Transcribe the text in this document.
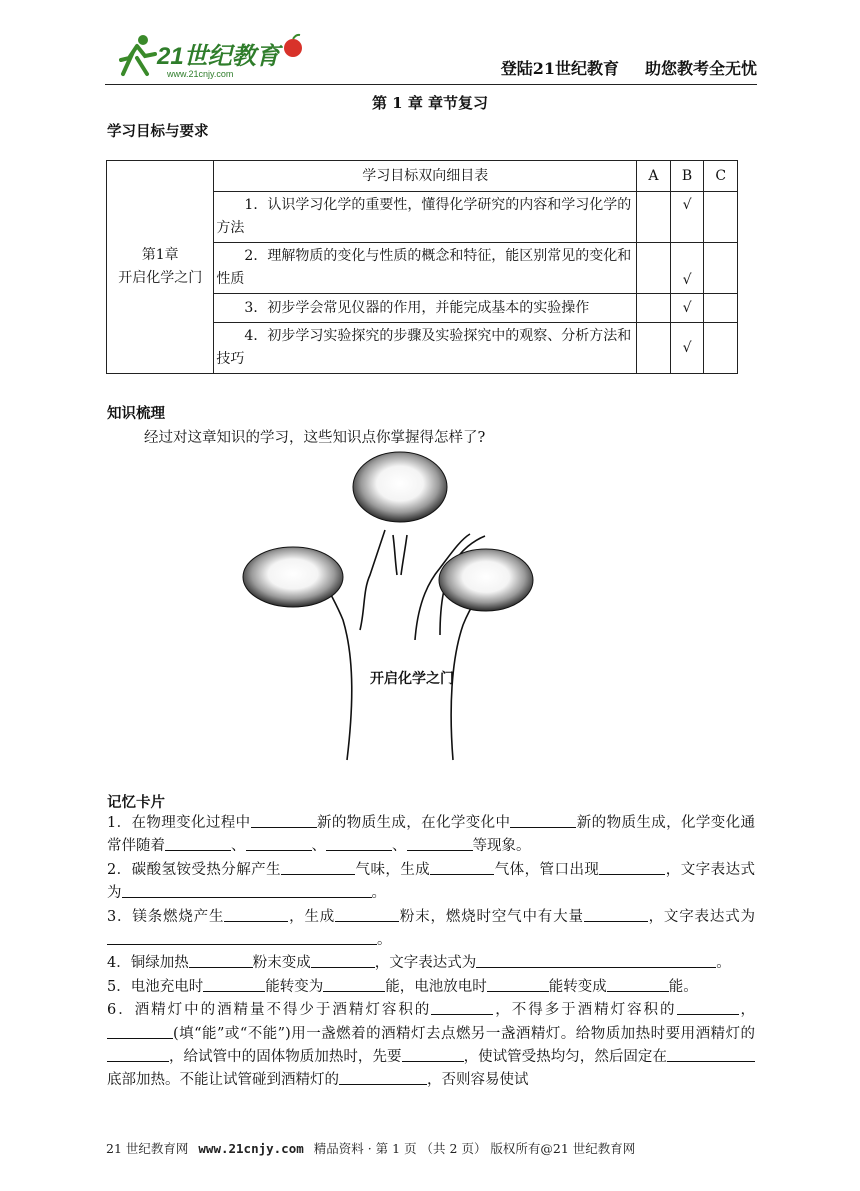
21世纪教育
www.21cnjy.com	登陆21世纪教育 助您教考全无忧
第 1 章 章节复习
学习目标与要求
第1章
开启化学之门	学习目标双向细目表	A	B	C

	1．认识学习化学的重要性，懂得化学研究的内容和学习化学的方法		√	

	2．理解物质的变化与性质的概念和特征，能区别常见的变化和性质		√	

	3．初步学会常见仪器的作用，并能完成基本的实验操作		√	

	4．初步学习实验探究的步骤及实验探究中的观察、分析方法和技巧		√	
知识梳理
经过对这章知识的学习，这些知识点你掌握得怎样了?
开启化学之门
记忆卡片

1．在物理变化过程中	新的物质生成，在化学变化中	新的物质生成，化学变化通常伴随着	、	、	、	等现象。

2．碳酸氢铵受热分解产生	气味，生成	气体，管口出现	，文字表达式为	。

3．镁条燃烧产生	，生成	粉末，燃烧时空气中有大量	，文字表达式为。

4．铜绿加热	粉末变成	，文字表达式为	。

5．电池充电时	能转变为	能，电池放电时	能转变成	能。

6．酒精灯中的酒精量不得少于酒精灯容积的	，不得多于酒精灯容积的	，(填“能”或“不能”)用一盏燃着的酒精灯去点燃另一盏酒精灯。给物质加热时要用酒精灯的，给试管中的固体物质加热时，先要	，使试管受热均匀，然后固定在底部加热。不能让试管碰到酒精灯的	，否则容易使试

21 世纪教育网 www.21cnjy.com 精品资料 · 第 1 页 （共 2 页） 版权所有@21 世纪教育网
